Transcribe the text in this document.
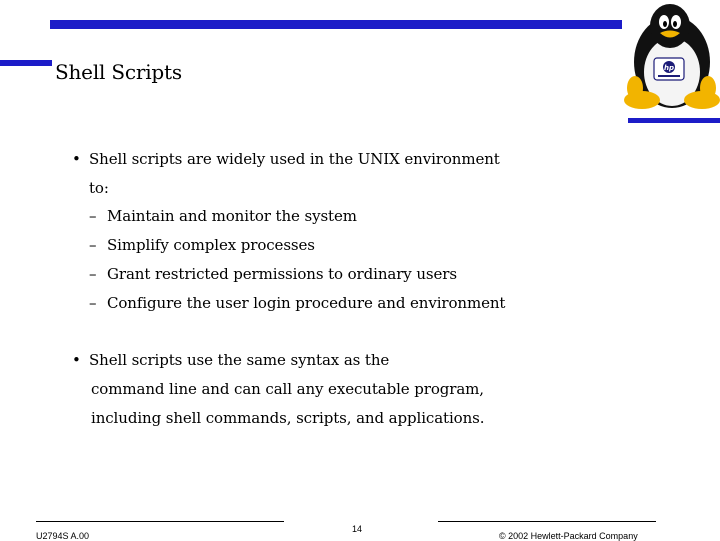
Shell Scripts	hp
• Shell scripts are widely used in the UNIX environment
to:
– Maintain and monitor the system
– Simplify complex processes
– Grant restricted permissions to ordinary users
– Configure the user login procedure and environment
• Shell scripts use the same syntax as the
command line and can call any executable program,
including shell commands, scripts, and applications.
U2794S A.00
14
© 2002 Hewlett-Packard Company
